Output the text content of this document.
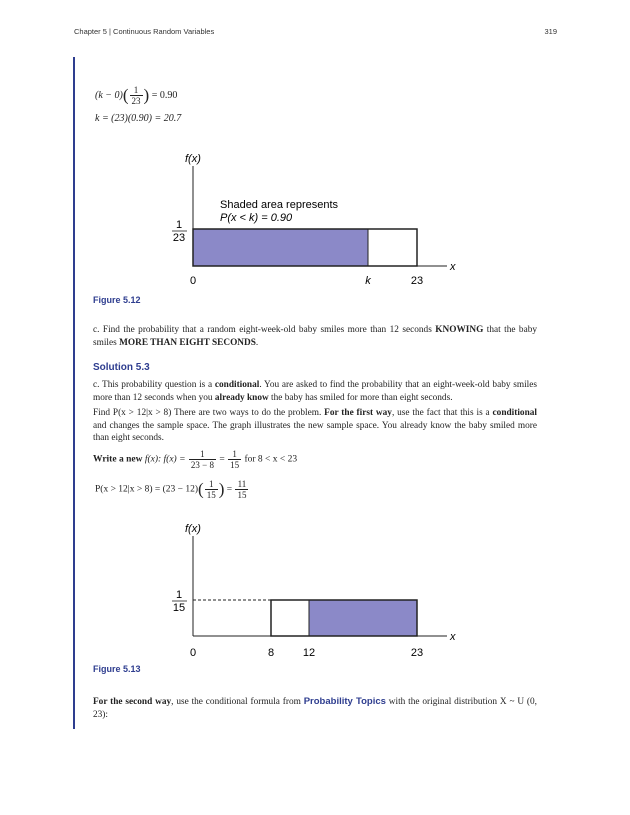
Chapter 5 | Continuous Random Variables	319
$(k - 0)( \frac{1}{23}$ ) = 0.90
k = (23)(0.90) = 20.7
f(x)
x
1
23
Shaded area represents
P(x < k) = 0.90
0	k	23
Figure 5.12
c. Find the probability that a random eight-week-old baby smiles more than 12 seconds KNOWING that the baby smiles MORE THAN EIGHT SECONDS.
Solution 5.3
c. This probability question is a conditional. You are asked to find the probability that an eight-week-old baby smiles more than 12 seconds when you already know the baby has smiled for more than eight seconds.
Find P(x > 12|x > 8) There are two ways to do the problem. For the first way, use the fact that this is a conditional and changes the sample space. The graph illustrates the new sample space. You already know the baby smiled more than eight seconds.
Write a new f(x): $f(x) = \frac{1}{23 - 8} = \frac{1}{15}$ for 8 < x < 23
$P(x > 12|x > 8) = (23 - 12)( \frac{1}{15}$ ) = $\frac{11}{15}$
f(x)
x
1
15
0	8	12	23
Figure 5.13
For the second way, use the conditional formula from Probability Topics with the original distribution X ~ U (0, 23):
